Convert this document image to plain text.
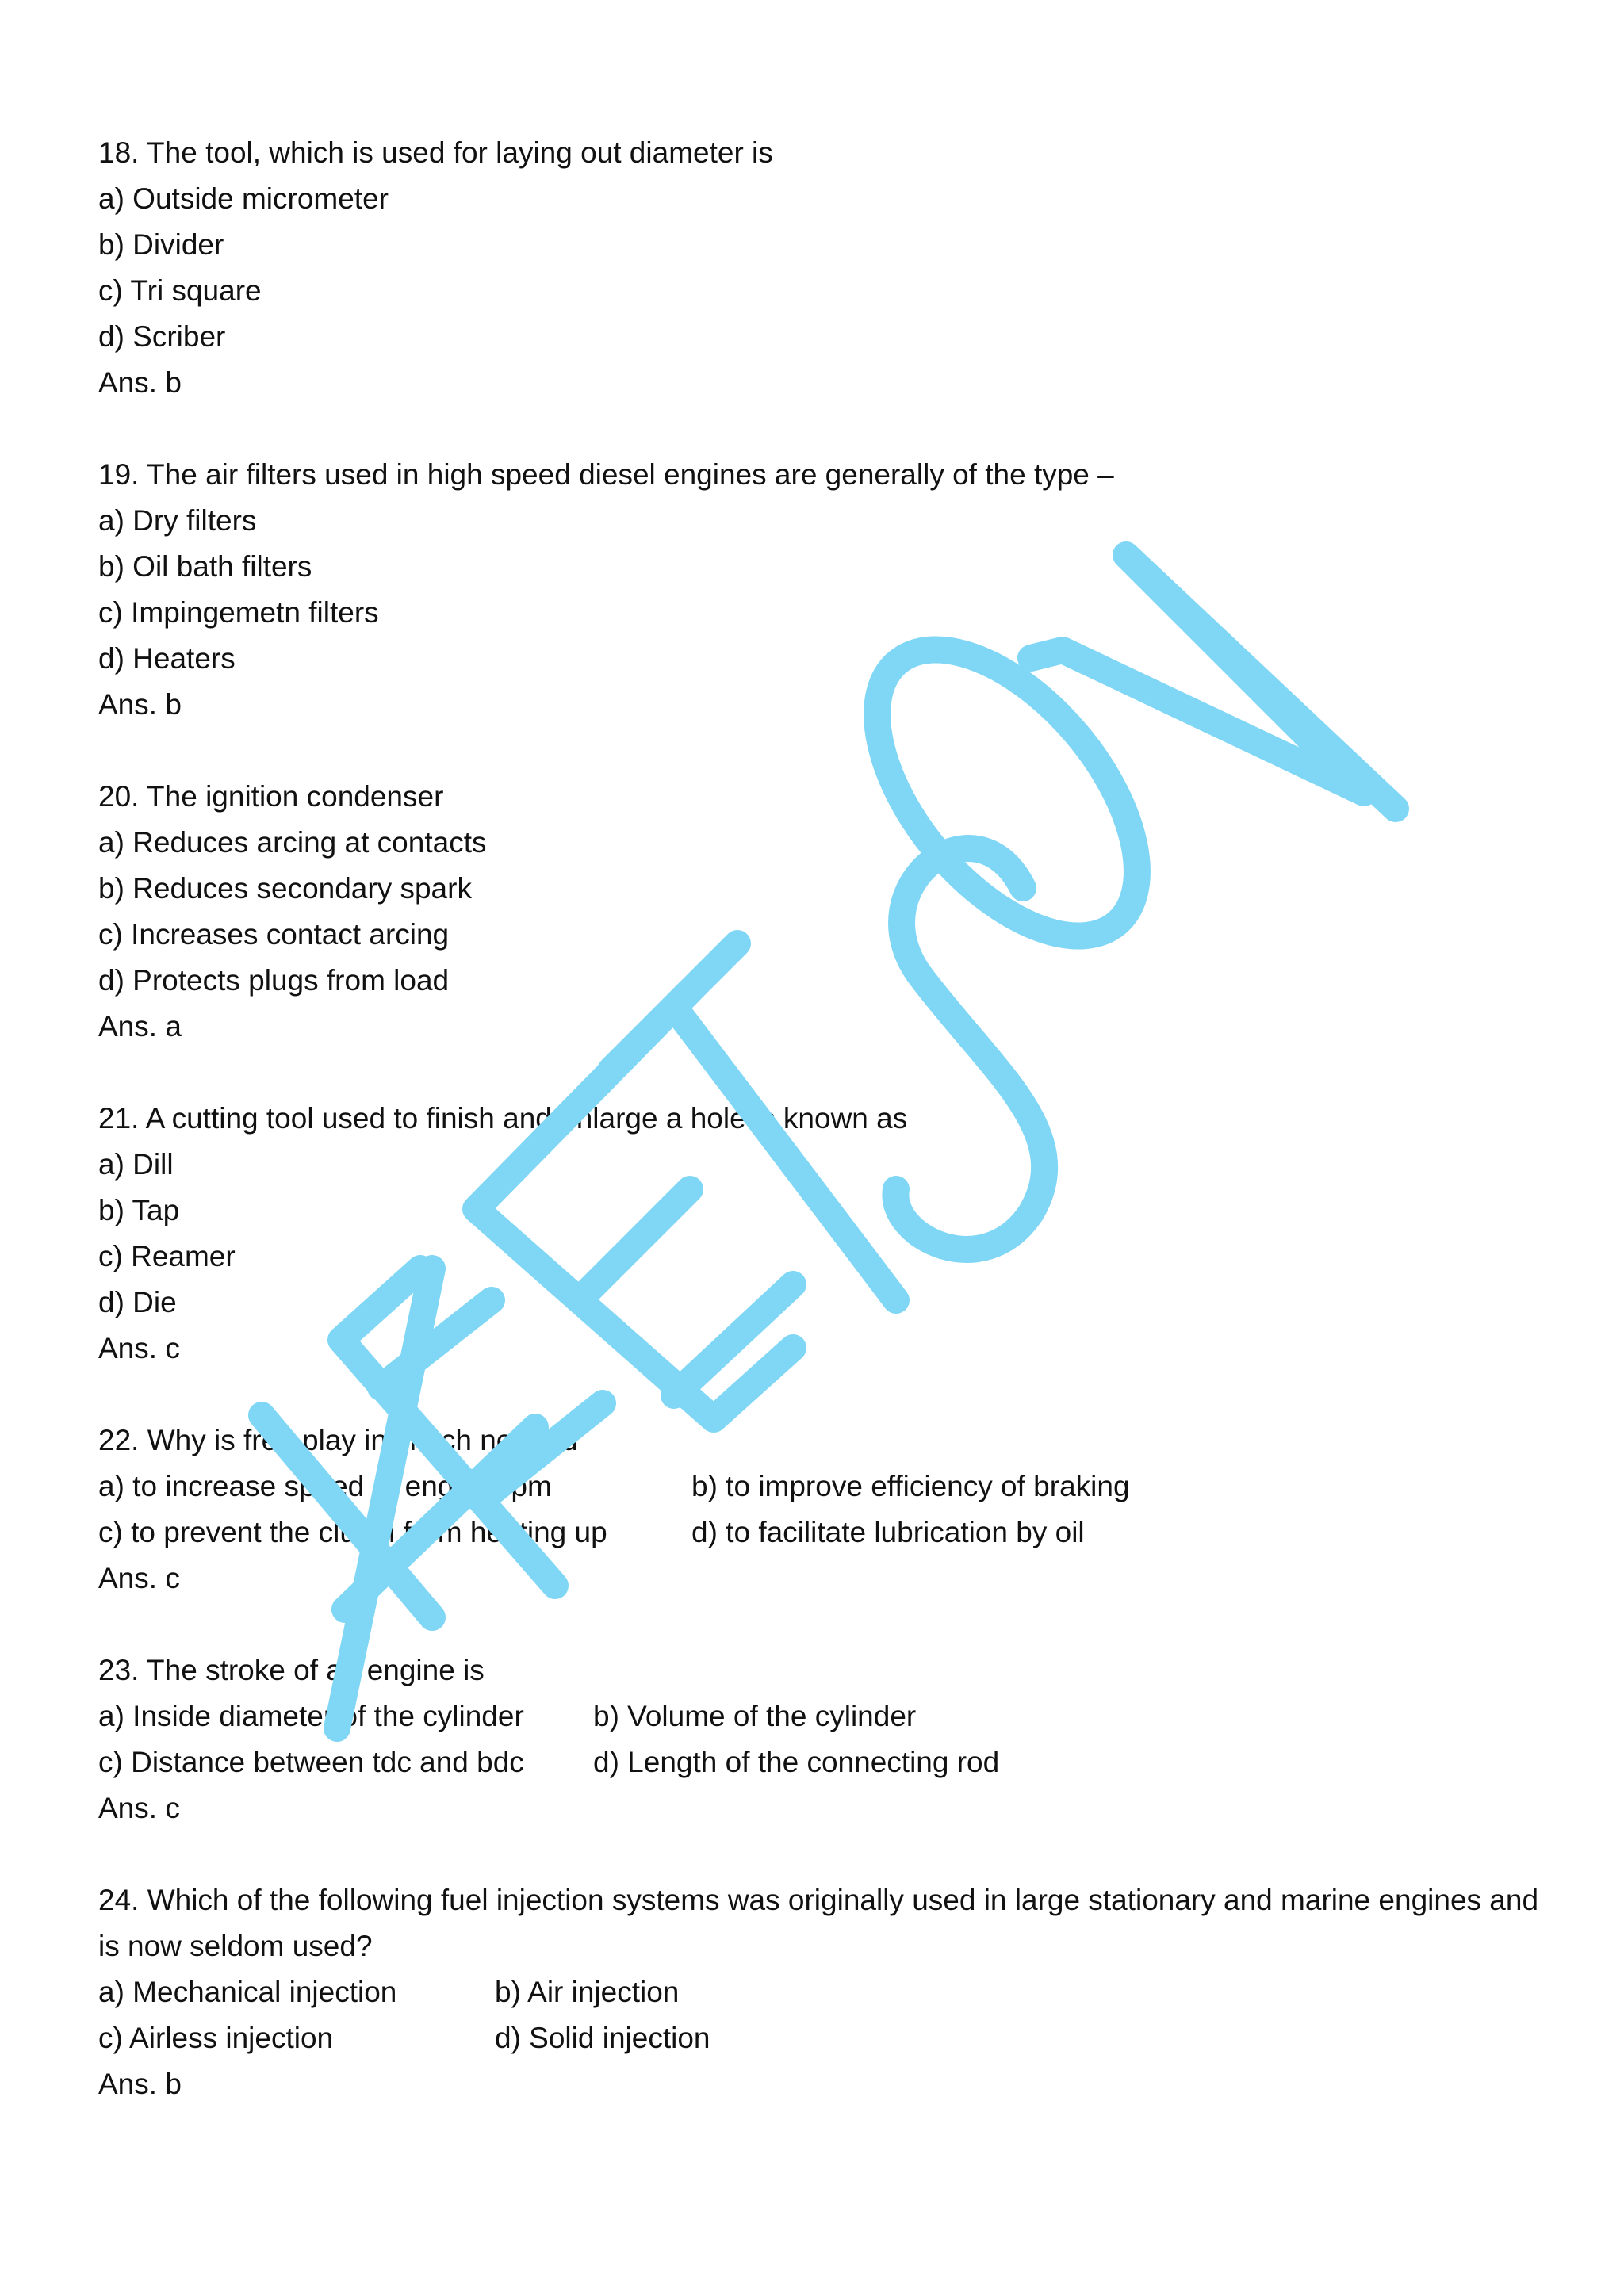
18. The tool, which is used for laying out diameter is
a) Outside micrometer
b) Divider
c) Tri square
d) Scriber
Ans. b
19. The air filters used in high speed diesel engines are generally of the type –
a) Dry filters
b) Oil bath filters
c) Impingemetn filters
d) Heaters
Ans. b
20. The ignition condenser
a) Reduces arcing at contacts
b) Reduces secondary spark
c) Increases contact arcing
d) Protects plugs from load
Ans. a
21. A cutting tool used to finish and enlarge a hole is known as
a) Dill
b) Tap
c) Reamer
d) Die
Ans. c
22. Why is free play in clutch needed
a) to increase speed of engine rpm	b) to improve efficiency of braking
c) to prevent the clutch from heating up	d) to facilitate lubrication by oil
Ans. c
23. The stroke of an engine is
a) Inside diameter of the cylinder	b) Volume of the cylinder
c) Distance between tdc and bdc	d) Length of the connecting rod
Ans. c
24. Which of the following fuel injection systems was originally used in large stationary and marine engines and is now seldom used?
a) Mechanical injection	b) Air injection
c) Airless injection	d) Solid injection
Ans. b
